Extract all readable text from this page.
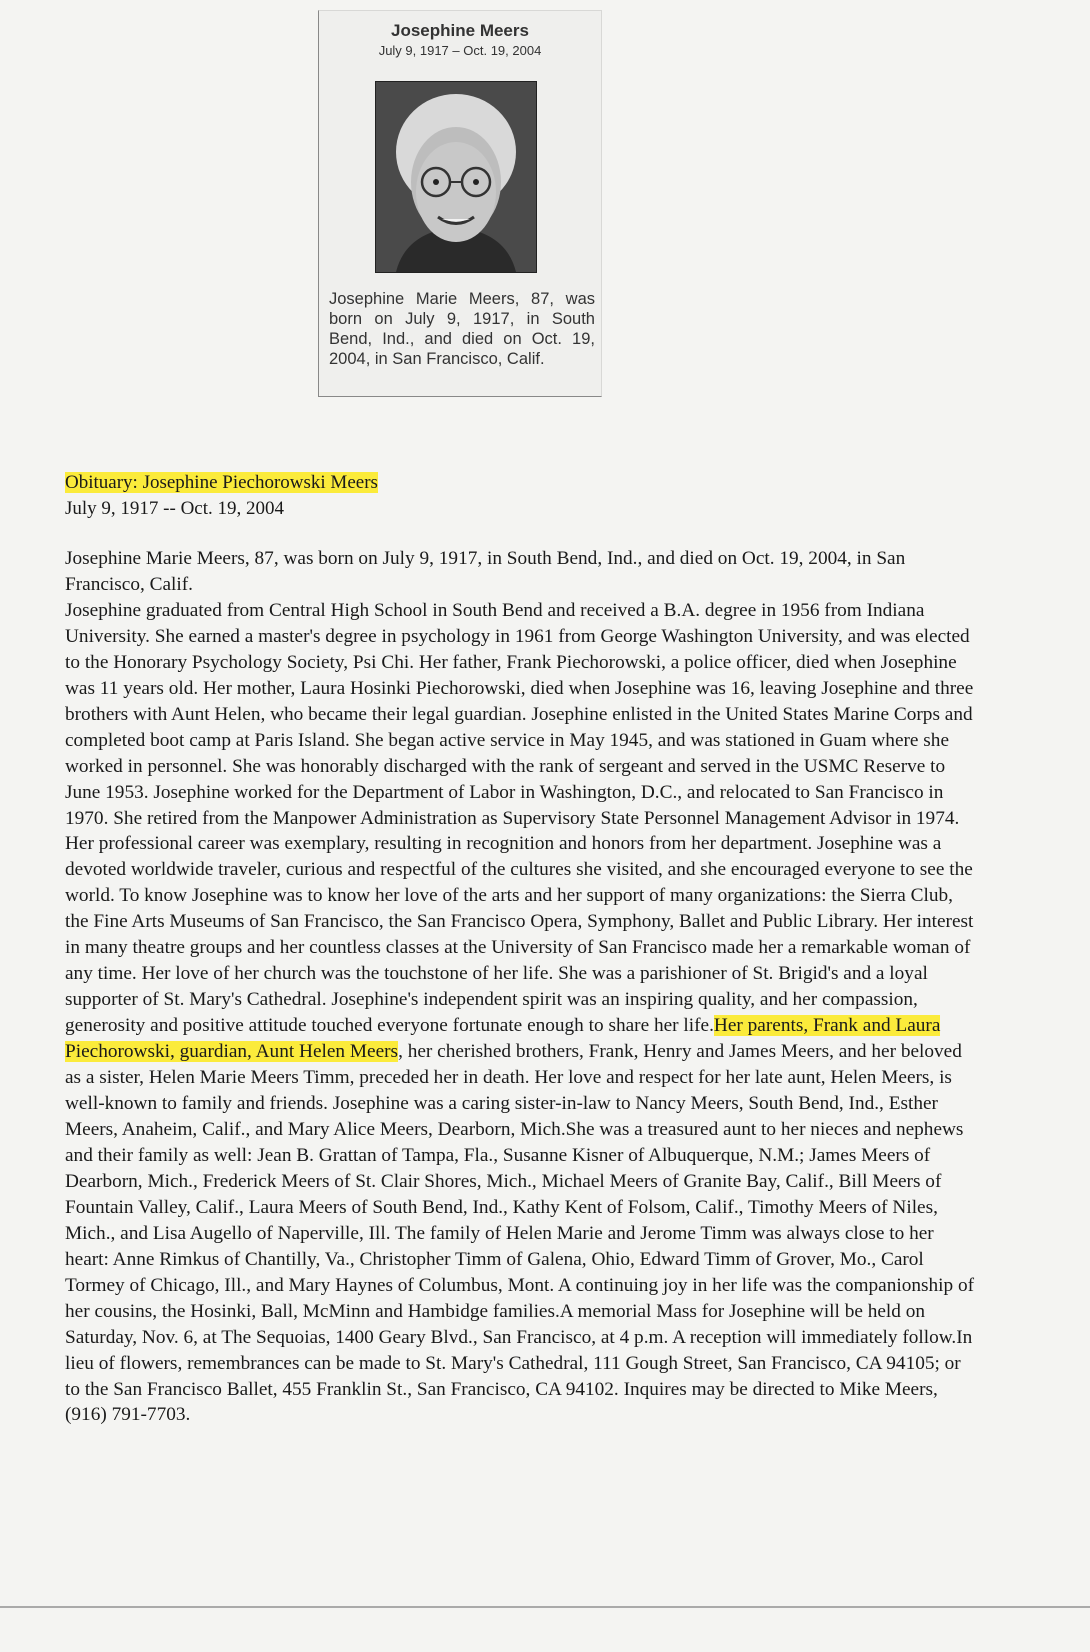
Josephine Meers
July 9, 1917 – Oct. 19, 2004
Josephine Marie Meers, 87, was born on July 9, 1917, in South Bend, Ind., and died on Oct. 19, 2004, in San Francisco, Calif.
Obituary: Josephine Piechorowski Meers
July 9, 1917 -- Oct. 19, 2004
Josephine Marie Meers, 87, was born on July 9, 1917, in South Bend, Ind., and died on Oct. 19, 2004, in San Francisco, Calif.
Josephine graduated from Central High School in South Bend and received a B.A. degree in 1956 from Indiana University. She earned a master's degree in psychology in 1961 from George Washington University, and was elected to the Honorary Psychology Society, Psi Chi. Her father, Frank Piechorowski, a police officer, died when Josephine was 11 years old. Her mother, Laura Hosinki Piechorowski, died when Josephine was 16, leaving Josephine and three brothers with Aunt Helen, who became their legal guardian. Josephine enlisted in the United States Marine Corps and completed boot camp at Paris Island. She began active service in May 1945, and was stationed in Guam where she worked in personnel. She was honorably discharged with the rank of sergeant and served in the USMC Reserve to June 1953. Josephine worked for the Department of Labor in Washington, D.C., and relocated to San Francisco in 1970. She retired from the Manpower Administration as Supervisory State Personnel Management Advisor in 1974. Her professional career was exemplary, resulting in recognition and honors from her department. Josephine was a devoted worldwide traveler, curious and respectful of the cultures she visited, and she encouraged everyone to see the world. To know Josephine was to know her love of the arts and her support of many organizations: the Sierra Club, the Fine Arts Museums of San Francisco, the San Francisco Opera, Symphony, Ballet and Public Library. Her interest in many theatre groups and her countless classes at the University of San Francisco made her a remarkable woman of any time. Her love of her church was the touchstone of her life. She was a parishioner of St. Brigid's and a loyal supporter of St. Mary's Cathedral. Josephine's independent spirit was an inspiring quality, and her compassion, generosity and positive attitude touched everyone fortunate enough to share her life.Her parents, Frank and Laura Piechorowski, guardian, Aunt Helen Meers, her cherished brothers, Frank, Henry and James Meers, and her beloved as a sister, Helen Marie Meers Timm, preceded her in death. Her love and respect for her late aunt, Helen Meers, is well-known to family and friends. Josephine was a caring sister-in-law to Nancy Meers, South Bend, Ind., Esther Meers, Anaheim, Calif., and Mary Alice Meers, Dearborn, Mich.She was a treasured aunt to her nieces and nephews and their family as well: Jean B. Grattan of Tampa, Fla., Susanne Kisner of Albuquerque, N.M.; James Meers of Dearborn, Mich., Frederick Meers of St. Clair Shores, Mich., Michael Meers of Granite Bay, Calif., Bill Meers of Fountain Valley, Calif., Laura Meers of South Bend, Ind., Kathy Kent of Folsom, Calif., Timothy Meers of Niles, Mich., and Lisa Augello of Naperville, Ill. The family of Helen Marie and Jerome Timm was always close to her heart: Anne Rimkus of Chantilly, Va., Christopher Timm of Galena, Ohio, Edward Timm of Grover, Mo., Carol Tormey of Chicago, Ill., and Mary Haynes of Columbus, Mont. A continuing joy in her life was the companionship of her cousins, the Hosinki, Ball, McMinn and Hambidge families.A memorial Mass for Josephine will be held on Saturday, Nov. 6, at The Sequoias, 1400 Geary Blvd., San Francisco, at 4 p.m. A reception will immediately follow.In lieu of flowers, remembrances can be made to St. Mary's Cathedral, 111 Gough Street, San Francisco, CA 94105; or to the San Francisco Ballet, 455 Franklin St., San Francisco, CA 94102. Inquires may be directed to Mike Meers, (916) 791-7703.
